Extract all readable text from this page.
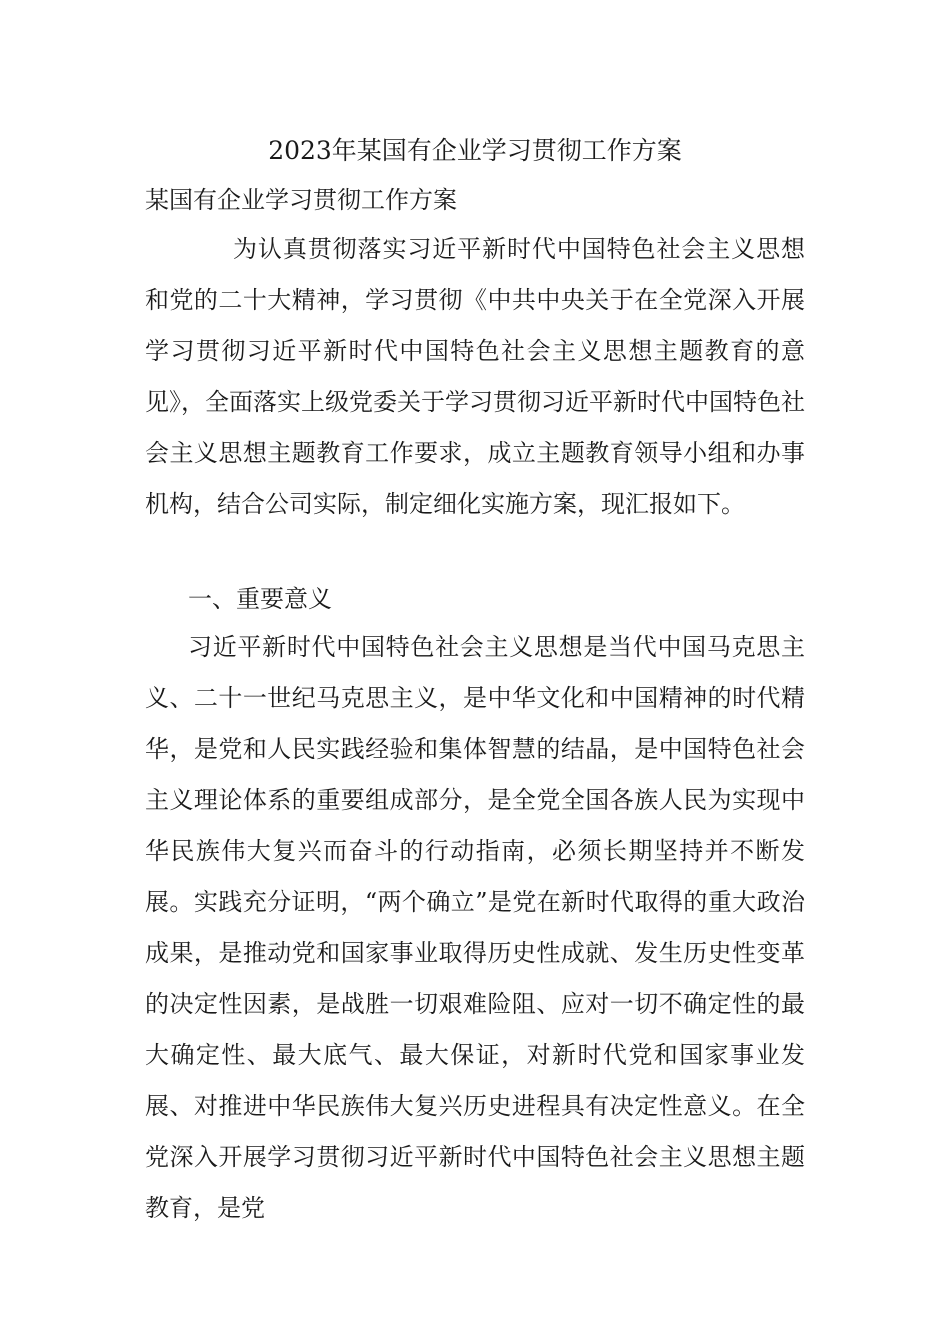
2023年某国有企业学习贯彻工作方案
某国有企业学习贯彻工作方案

为认真贯彻落实习近平新时代中国特色社会主义思想和党的二十大精神，学习贯彻《中共中央关于在全党深入开展学习贯彻习近平新时代中国特色社会主义思想主题教育的意见》，全面落实上级党委关于学习贯彻习近平新时代中国特色社会主义思想主题教育工作要求，成立主题教育领导小组和办事机构，结合公司实际，制定细化实施方案，现汇报如下。

一、重要意义

习近平新时代中国特色社会主义思想是当代中国马克思主义、二十一世纪马克思主义，是中华文化和中国精神的时代精华，是党和人民实践经验和集体智慧的结晶，是中国特色社会主义理论体系的重要组成部分，是全党全国各族人民为实现中华民族伟大复兴而奋斗的行动指南，必须长期坚持并不断发展。实践充分证明，“两个确立”是党在新时代取得的重大政治成果，是推动党和国家事业取得历史性成就、发生历史性变革的决定性因素，是战胜一切艰难险阻、应对一切不确定性的最大确定性、最大底气、最大保证，对新时代党和国家事业发展、对推进中华民族伟大复兴历史进程具有决定性意义。在全党深入开展学习贯彻习近平新时代中国特色社会主义思想主题教育，是党
